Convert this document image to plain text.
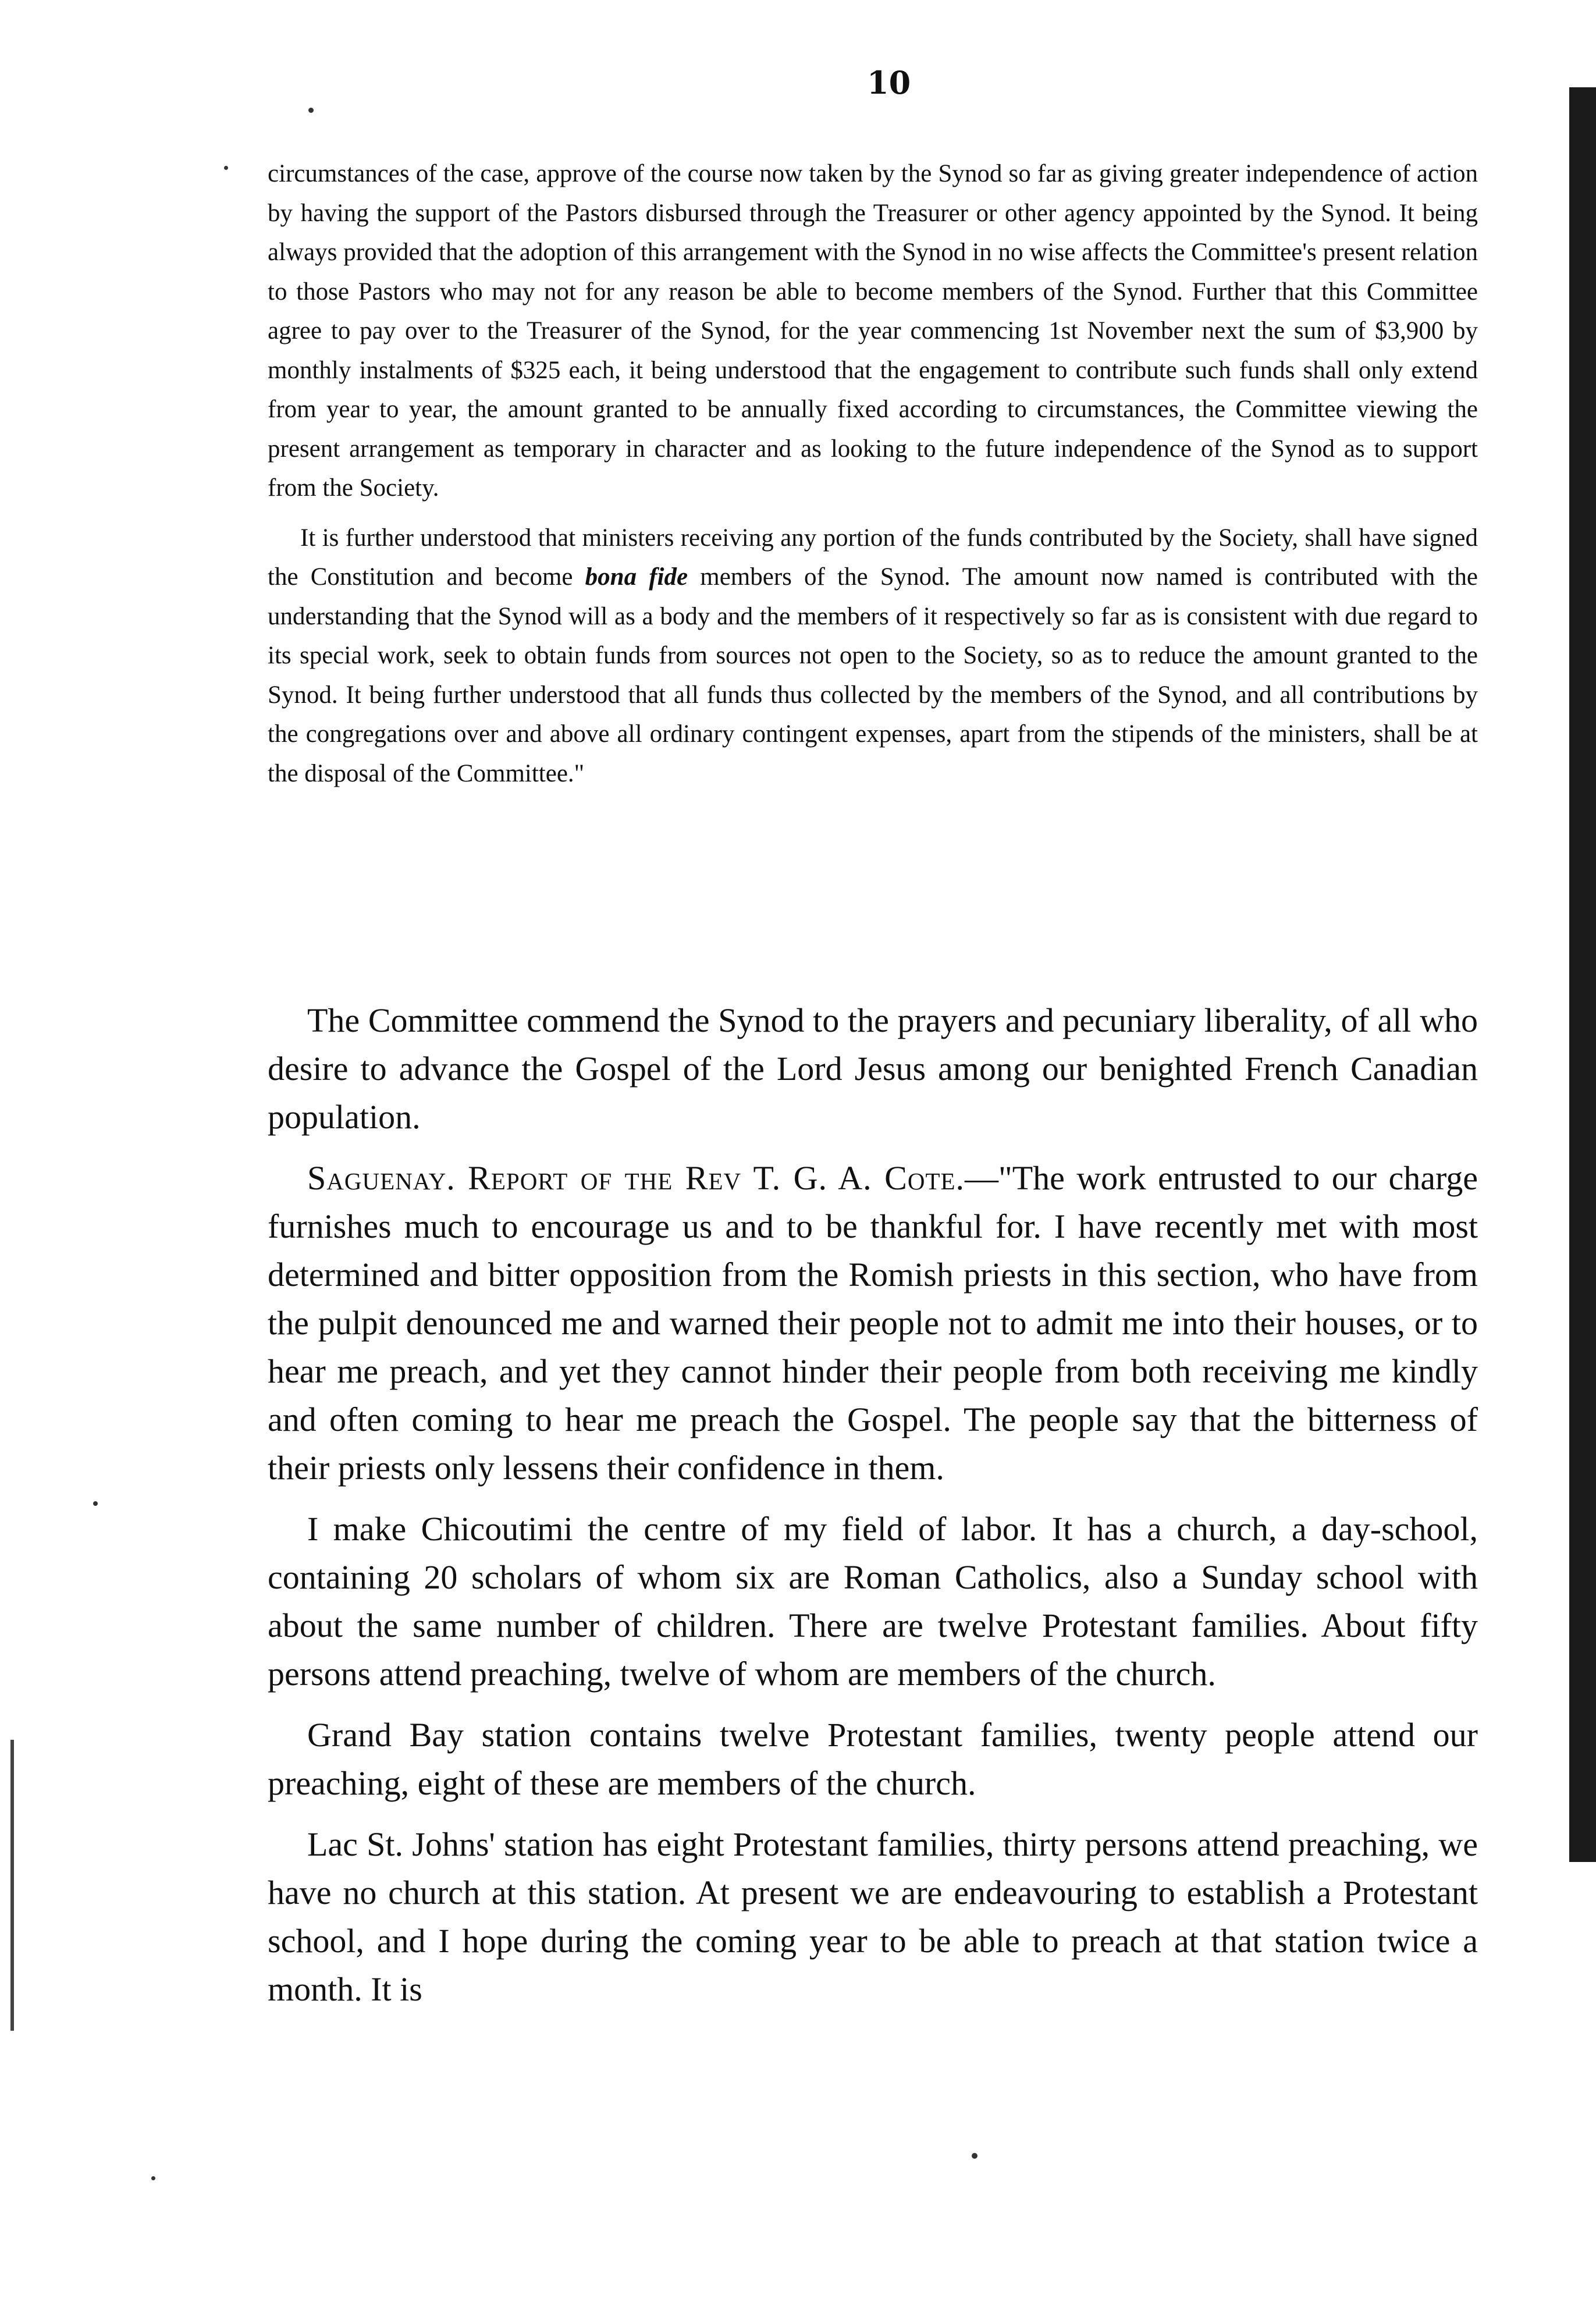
10

circumstances of the case, approve of the course now taken by the Synod so far as giving greater independence of action by having the support of the Pastors disbursed through the Treasurer or other agency appointed by the Synod. It being always provided that the adoption of this arrangement with the Synod in no wise affects the Committee's present relation to those Pastors who may not for any reason be able to become members of the Synod. Further that this Committee agree to pay over to the Treasurer of the Synod, for the year commencing 1st November next the sum of $3,900 by monthly instalments of $325 each, it being understood that the engagement to contribute such funds shall only extend from year to year, the amount granted to be annually fixed according to circumstances, the Committee viewing the present arrangement as temporary in character and as looking to the future independence of the Synod as to support from the Society.

It is further understood that ministers receiving any portion of the funds contributed by the Society, shall have signed the Constitution and become bona fide members of the Synod. The amount now named is contributed with the understanding that the Synod will as a body and the members of it respectively so far as is consistent with due regard to its special work, seek to obtain funds from sources not open to the Society, so as to reduce the amount granted to the Synod. It being further understood that all funds thus collected by the members of the Synod, and all contributions by the congregations over and above all ordinary contingent expenses, apart from the stipends of the ministers, shall be at the disposal of the Committee."

The Committee commend the Synod to the prayers and pecuniary liberality, of all who desire to advance the Gospel of the Lord Jesus among our benighted French Canadian population.

Saguenay. Report of the Rev T. G. A. Cote.—"The work entrusted to our charge furnishes much to encourage us and to be thankful for. I have recently met with most determined and bitter opposition from the Romish priests in this section, who have from the pulpit denounced me and warned their people not to admit me into their houses, or to hear me preach, and yet they cannot hinder their people from both receiving me kindly and often coming to hear me preach the Gospel. The people say that the bitterness of their priests only lessens their confidence in them.

I make Chicoutimi the centre of my field of labor. It has a church, a day-school, containing 20 scholars of whom six are Roman Catholics, also a Sunday school with about the same number of children. There are twelve Protestant families. About fifty persons attend preaching, twelve of whom are members of the church.

Grand Bay station contains twelve Protestant families, twenty people attend our preaching, eight of these are members of the church.

Lac St. Johns' station has eight Protestant families, thirty persons attend preaching, we have no church at this station. At present we are endeavouring to establish a Protestant school, and I hope during the coming year to be able to preach at that station twice a month. It is
